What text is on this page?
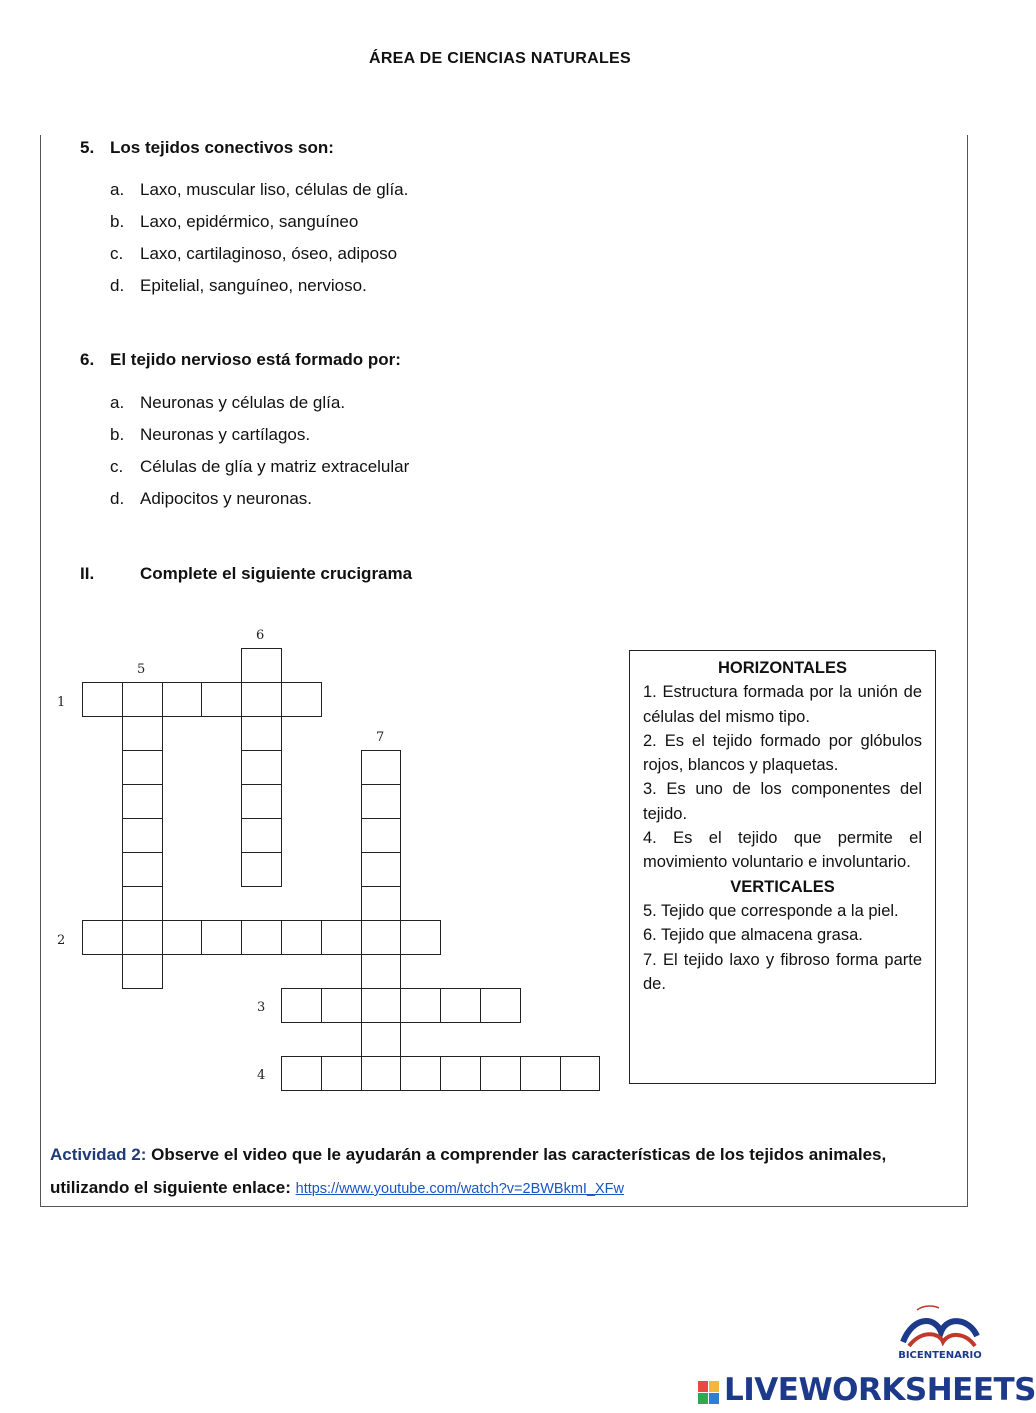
ÁREA DE CIENCIAS NATURALES
5. Los tejidos conectivos son:
a. Laxo, muscular liso, células de glía.
b. Laxo, epidérmico, sanguíneo
c. Laxo, cartilaginoso, óseo, adiposo
d. Epitelial, sanguíneo, nervioso.
6. El tejido nervioso está formado por:
a. Neuronas y células de glía.
b. Neuronas y cartílagos.
c. Células de glía y matriz extracelular
d. Adipocitos y neuronas.
II.	Complete el siguiente crucigrama
1
2
3
4
5
6
7
HORIZONTALES
1. Estructura formada por la unión de células del mismo tipo.
2. Es el tejido formado por glóbulos rojos, blancos y plaquetas.
3. Es uno de los componentes del tejido.
4. Es el tejido que permite el movimiento voluntario e involuntario.
VERTICALES
5. Tejido que corresponde a la piel.
6. Tejido que almacena grasa.
7. El tejido laxo y fibroso forma parte de.
Actividad 2: Observe el video que le ayudarán a comprender las características de los tejidos animales, utilizando el siguiente enlace: https://www.youtube.com/watch?v=2BWBkmI_XFw
BICENTENARIO
LIVEWORKSHEETS
